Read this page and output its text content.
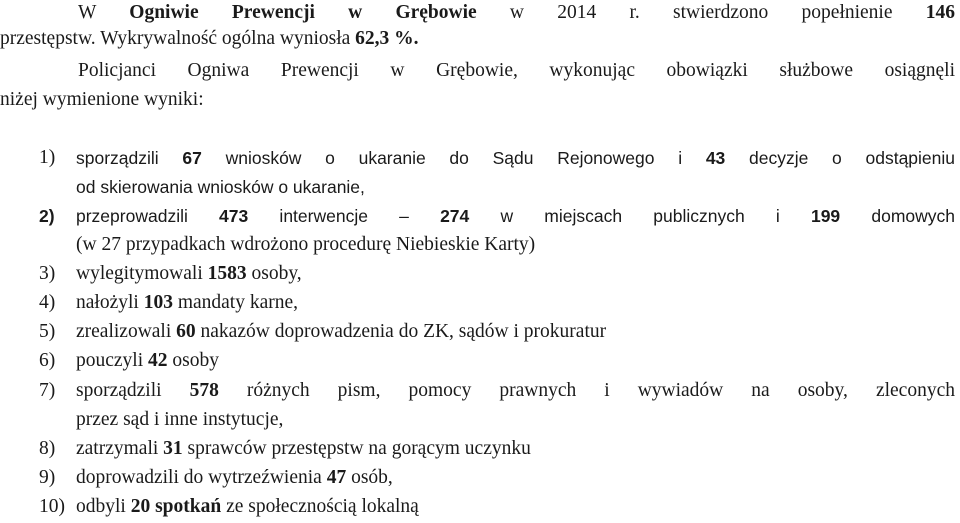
W Ogniwie Prewencji w Grębowie w 2014 r. stwierdzono popełnienie 146
przestępstw. Wykrywalność ogólna wyniosła 62,3 %.
Policjanci Ogniwa Prewencji w Grębowie, wykonując obowiązki służbowe osiągnęli
niżej wymienione wyniki:
1) sporządzili 67 wniosków o ukaranie do Sądu Rejonowego i 43 decyzje o odstąpieniu
od skierowania wniosków o ukaranie,
2) przeprowadzili 473 interwencje – 274 w miejscach publicznych i 199 domowych
(w 27 przypadkach wdrożono procedurę Niebieskie Karty)
3) wylegitymowali 1583 osoby,
4) nałożyli 103 mandaty karne,
5) zrealizowali 60 nakazów doprowadzenia do ZK, sądów i prokuratur
6) pouczyli 42 osoby
7) sporządzili 578 różnych pism, pomocy prawnych i wywiadów na osoby, zleconych
przez sąd i inne instytucje,
8) zatrzymali 31 sprawców przestępstw na gorącym uczynku
9) doprowadzili do wytrzeźwienia 47 osób,
10) odbyli 20 spotkań ze społecznością lokalną
